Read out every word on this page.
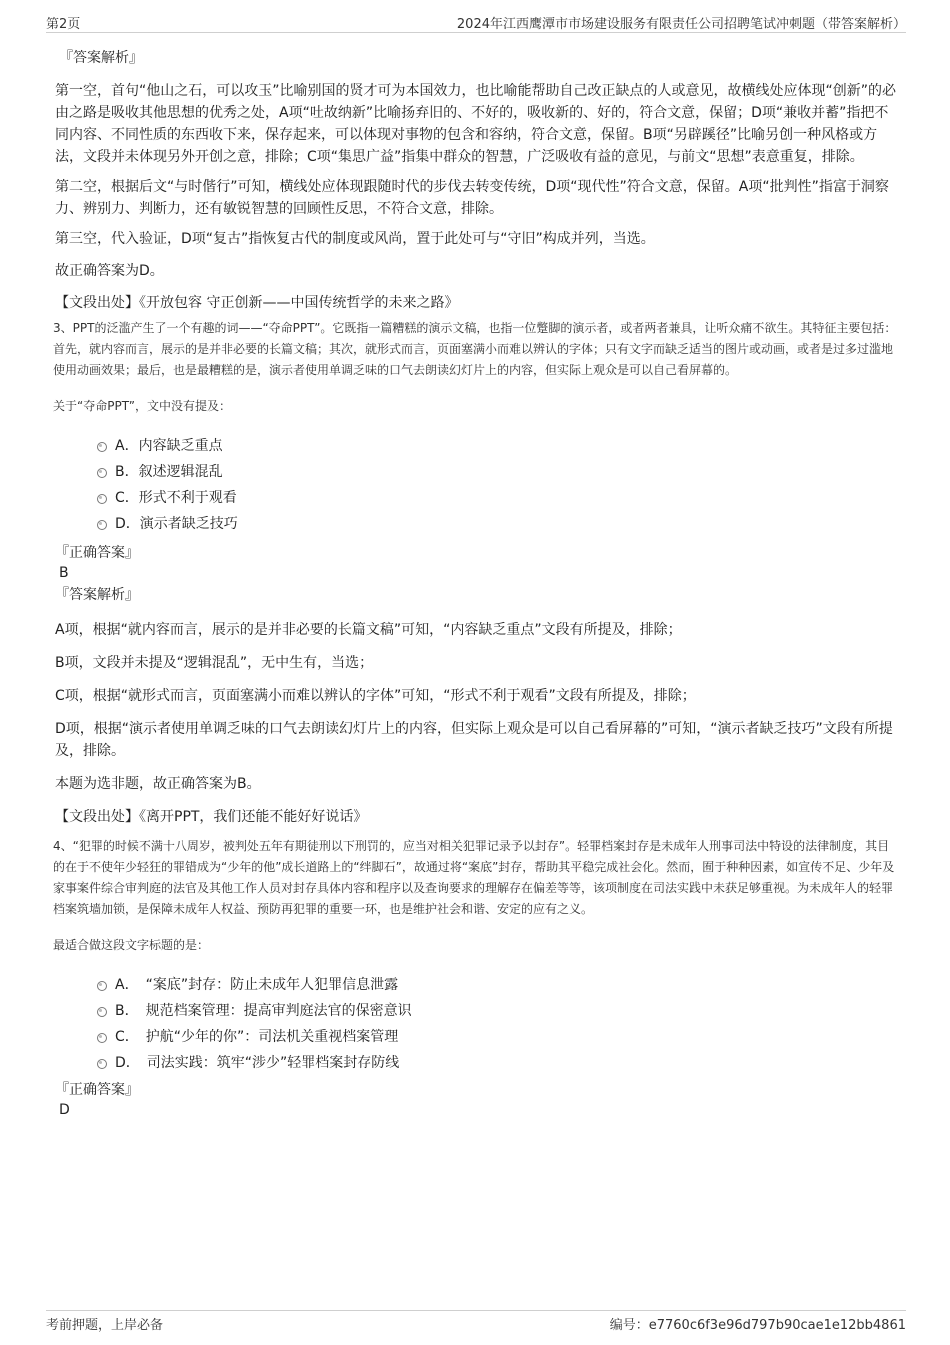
第2页	2024年江西鹰潭市市场建设服务有限责任公司招聘笔试冲刺题（带答案解析）

『答案解析』

第一空，首句“他山之石，可以攻玉”比喻别国的贤才可为本国效力，也比喻能帮助自己改正缺点的人或意见，故横线处应体现“创新”的必由之路是吸收其他思想的优秀之处，A项“吐故纳新”比喻扬弃旧的、不好的，吸收新的、好的，符合文意，保留；D项“兼收并蓄”指把不同内容、不同性质的东西收下来，保存起来，可以体现对事物的包含和容纳，符合文意，保留。B项“另辟蹊径”比喻另创一种风格或方法，文段并未体现另外开创之意，排除；C项“集思广益”指集中群众的智慧，广泛吸收有益的意见，与前文“思想”表意重复，排除。

第二空，根据后文“与时偕行”可知，横线处应体现跟随时代的步伐去转变传统，D项“现代性”符合文意，保留。A项“批判性”指富于洞察力、辨别力、判断力，还有敏锐智慧的回顾性反思，不符合文意，排除。

第三空，代入验证，D项“复古”指恢复古代的制度或风尚，置于此处可与“守旧”构成并列，当选。

故正确答案为D。

【文段出处】《开放包容 守正创新——中国传统哲学的未来之路》

3、PPT的泛滥产生了一个有趣的词——“夺命PPT”。它既指一篇糟糕的演示文稿，也指一位蹩脚的演示者，或者两者兼具，让听众痛不欲生。其特征主要包括：首先，就内容而言，展示的是并非必要的长篇文稿；其次，就形式而言，页面塞满小而难以辨认的字体；只有文字而缺乏适当的图片或动画，或者是过多过滥地使用动画效果；最后，也是最糟糕的是，演示者使用单调乏味的口气去朗读幻灯片上的内容，但实际上观众是可以自己看屏幕的。

关于“夺命PPT”，文中没有提及：

A．内容缺乏重点
B．叙述逻辑混乱
C．形式不利于观看
D．演示者缺乏技巧

『正确答案』

B

『答案解析』

A项，根据“就内容而言，展示的是并非必要的长篇文稿”可知，“内容缺乏重点”文段有所提及，排除；

B项，文段并未提及“逻辑混乱”，无中生有，当选；

C项，根据“就形式而言，页面塞满小而难以辨认的字体”可知，“形式不利于观看”文段有所提及，排除；

D项，根据“演示者使用单调乏味的口气去朗读幻灯片上的内容，但实际上观众是可以自己看屏幕的”可知，“演示者缺乏技巧”文段有所提及，排除。

本题为选非题，故正确答案为B。

【文段出处】《离开PPT，我们还能不能好好说话》

4、“犯罪的时候不满十八周岁，被判处五年有期徒刑以下刑罚的，应当对相关犯罪记录予以封存”。轻罪档案封存是未成年人刑事司法中特设的法律制度，其目的在于不使年少轻狂的罪错成为“少年的他”成长道路上的“绊脚石”，故通过将“案底”封存，帮助其平稳完成社会化。然而，囿于种种因素，如宣传不足、少年及家事案件综合审判庭的法官及其他工作人员对封存具体内容和程序以及查询要求的理解存在偏差等等，该项制度在司法实践中未获足够重视。为未成年人的轻罪档案筑墙加锁，是保障未成年人权益、预防再犯罪的重要一环，也是维护社会和谐、安定的应有之义。

最适合做这段文字标题的是：

A．　“案底”封存：防止未成年人犯罪信息泄露
B．　规范档案管理：提高审判庭法官的保密意识
C．　护航“少年的你”：司法机关重视档案管理
D．　司法实践：筑牢“涉少”轻罪档案封存防线

『正确答案』

D

考前押题，上岸必备	编号：e7760c6f3e96d797b90cae1e12bb4861
